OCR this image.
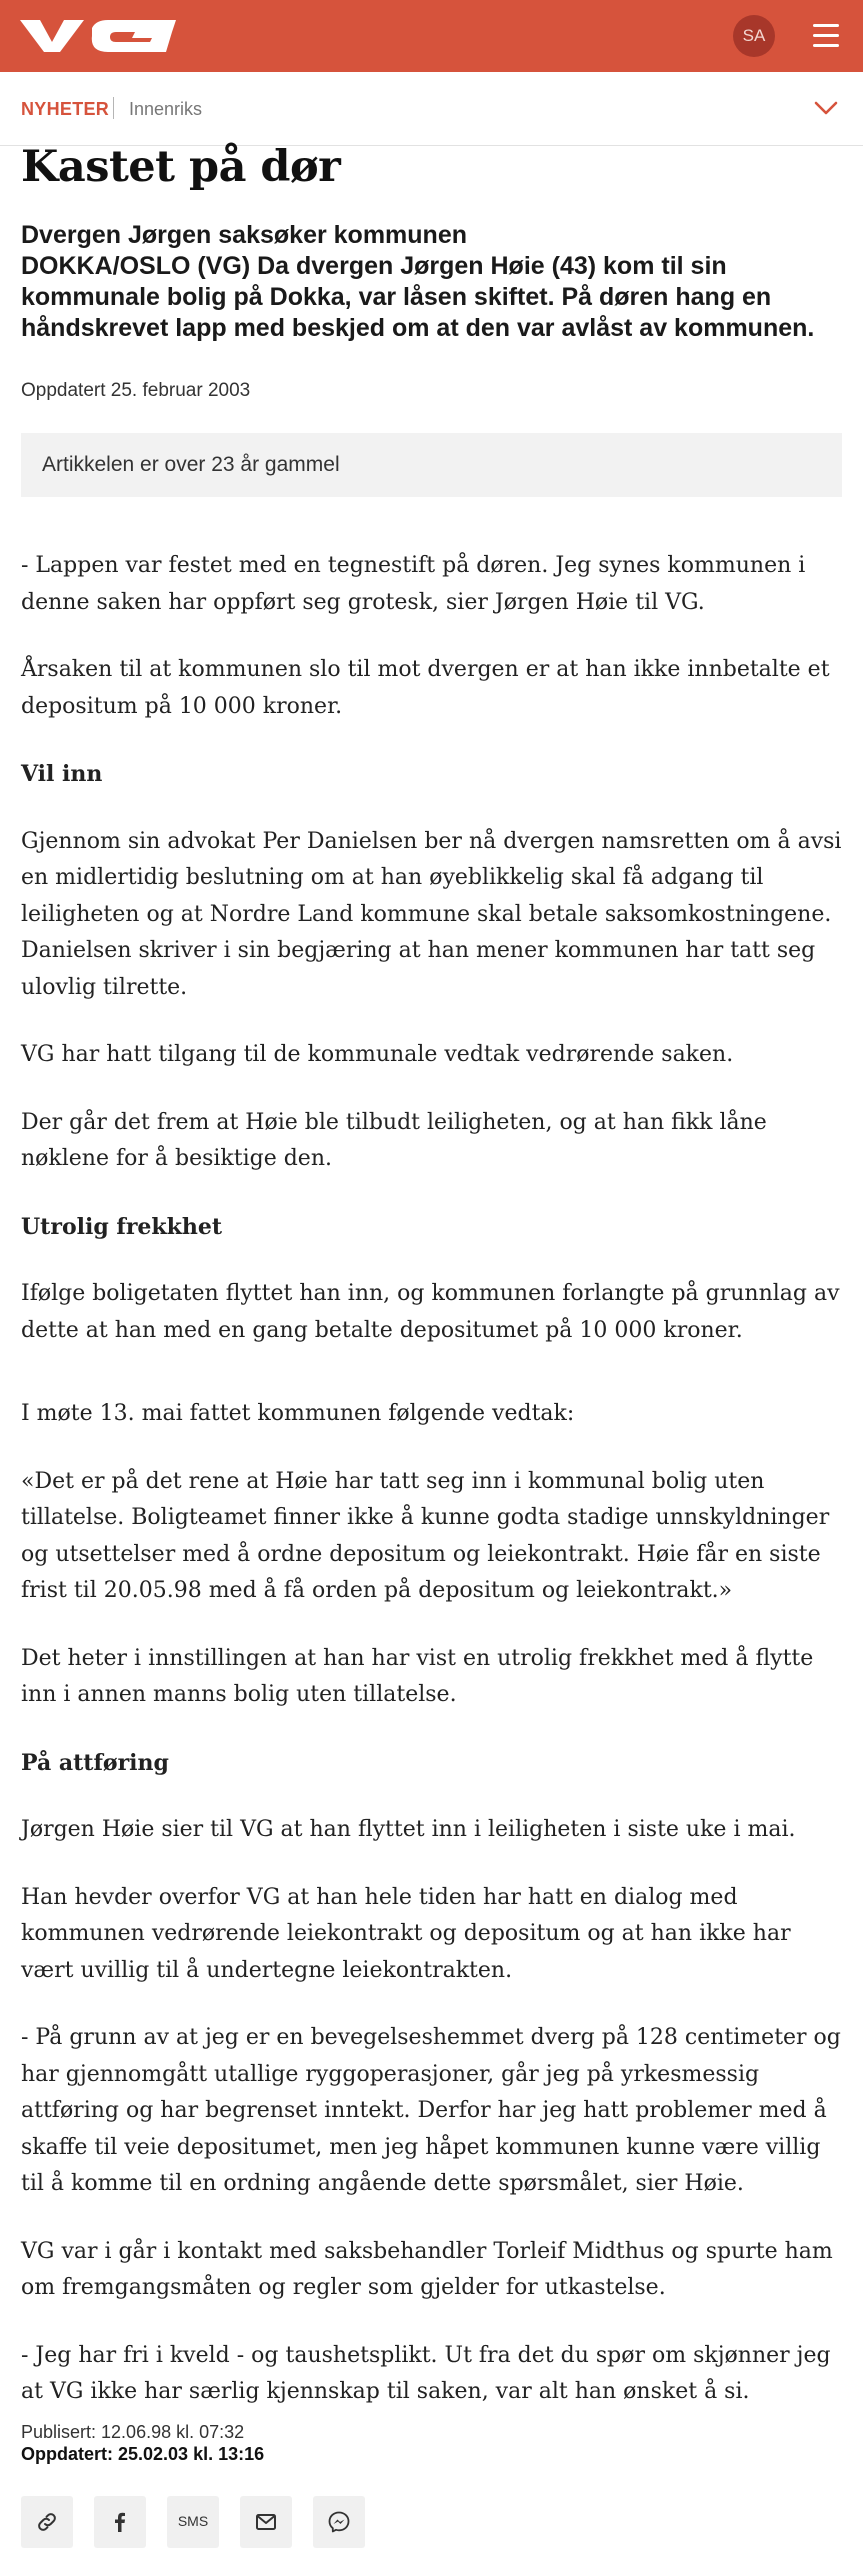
SA
NYHETER Innenriks
Kastet på dør
Dvergen Jørgen saksøker kommunen
DOKKA/OSLO (VG) Da dvergen Jørgen Høie (43) kom til sin kommunale bolig på Dokka, var låsen skiftet. På døren hang en håndskrevet lapp med beskjed om at den var avlåst av kommunen.
Oppdatert 25. februar 2003
Artikkelen er over 23 år gammel

- Lappen var festet med en tegnestift på døren. Jeg synes kommunen i denne saken har oppført seg grotesk, sier Jørgen Høie til VG.

Årsaken til at kommunen slo til mot dvergen er at han ikke innbetalte et depositum på 10 000 kroner.

Vil inn

Gjennom sin advokat Per Danielsen ber nå dvergen namsretten om å avsi en midlertidig beslutning om at han øyeblikkelig skal få adgang til leiligheten og at Nordre Land kommune skal betale saksomkostningene. Danielsen skriver i sin begjæring at han mener kommunen har tatt seg ulovlig tilrette.

VG har hatt tilgang til de kommunale vedtak vedrørende saken.

Der går det frem at Høie ble tilbudt leiligheten, og at han fikk låne nøklene for å besiktige den.

Utrolig frekkhet

Ifølge boligetaten flyttet han inn, og kommunen forlangte på grunnlag av dette at han med en gang betalte depositumet på 10 000 kroner.

I møte 13. mai fattet kommunen følgende vedtak:

«Det er på det rene at Høie har tatt seg inn i kommunal bolig uten tillatelse. Boligteamet finner ikke å kunne godta stadige unnskyldninger og utsettelser med å ordne depositum og leiekontrakt. Høie får en siste frist til 20.05.98 med å få orden på depositum og leiekontrakt.»

Det heter i innstillingen at han har vist en utrolig frekkhet med å flytte inn i annen manns bolig uten tillatelse.

På attføring

Jørgen Høie sier til VG at han flyttet inn i leiligheten i siste uke i mai.

Han hevder overfor VG at han hele tiden har hatt en dialog med kommunen vedrørende leiekontrakt og depositum og at han ikke har vært uvillig til å undertegne leiekontrakten.

- På grunn av at jeg er en bevegelseshemmet dverg på 128 centimeter og har gjennomgått utallige ryggoperasjoner, går jeg på yrkesmessig attføring og har begrenset inntekt. Derfor har jeg hatt problemer med å skaffe til veie depositumet, men jeg håpet kommunen kunne være villig til å komme til en ordning angående dette spørsmålet, sier Høie.

VG var i går i kontakt med saksbehandler Torleif Midthus og spurte ham om fremgangsmåten og regler som gjelder for utkastelse.

- Jeg har fri i kveld - og taushetsplikt. Ut fra det du spør om skjønner jeg at VG ikke har særlig kjennskap til saken, var alt han ønsket å si.

Publisert: 12.06.98 kl. 07:32
Oppdatert: 25.02.03 kl. 13:16
SMS
